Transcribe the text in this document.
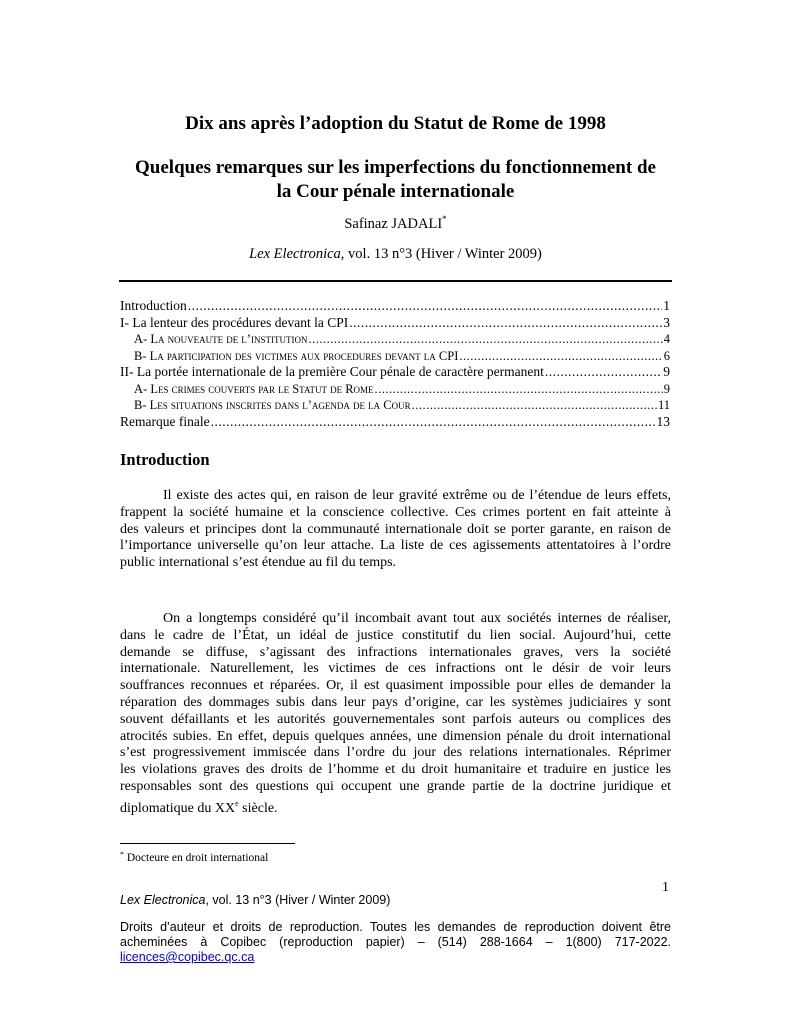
Dix ans après l’adoption du Statut de Rome de 1998
Quelques remarques sur les imperfections du fonctionnement de
la Cour pénale internationale
Safinaz JADALI*
Lex Electronica, vol. 13 n°3 (Hiver / Winter 2009)
Introduction .....	1
I- La lenteur des procédures devant la CPI .....	3
A- La nouveaute de l’institution .....	4
B- La participation des victimes aux procedures devant la CPI .....	6
II- La portée internationale de la première Cour pénale de caractère permanent .....	9
A- Les crimes couverts par le Statut de Rome .....	9
B- Les situations inscrites dans l’agenda de la Cour .....	11
Remarque finale .....	13
Introduction
Il existe des actes qui, en raison de leur gravité extrême ou de l’étendue de leurs effets,
frappent la société humaine et la conscience collective. Ces crimes portent en fait atteinte à
des valeurs et principes dont la communauté internationale doit se porter garante, en raison de
l’importance universelle qu’on leur attache. La liste de ces agissements attentatoires à l’ordre
public international s’est étendue au fil du temps.
On a longtemps considéré qu’il incombait avant tout aux sociétés internes de réaliser,
dans le cadre de l’État, un idéal de justice constitutif du lien social. Aujourd’hui, cette
demande se diffuse, s’agissant des infractions internationales graves, vers la société
internationale. Naturellement, les victimes de ces infractions ont le désir de voir leurs
souffrances reconnues et réparées. Or, il est quasiment impossible pour elles de demander la
réparation des dommages subis dans leur pays d’origine, car les systèmes judiciaires y sont
souvent défaillants et les autorités gouvernementales sont parfois auteurs ou complices des
atrocités subies. En effet, depuis quelques années, une dimension pénale du droit international
s’est progressivement immiscée dans l’ordre du jour des relations internationales. Réprimer
les violations graves des droits de l’homme et du droit humanitaire et traduire en justice les
responsables sont des questions qui occupent une grande partie de la doctrine juridique et
diplomatique du XXe siècle.
* Docteure en droit international
1
Lex Electronica, vol. 13 n°3 (Hiver / Winter 2009)
Droits d’auteur et droits de reproduction. Toutes les demandes de reproduction doivent être
acheminées à Copibec (reproduction papier) – (514) 288-1664 – 1(800) 717-2022.
licences@copibec.qc.ca
